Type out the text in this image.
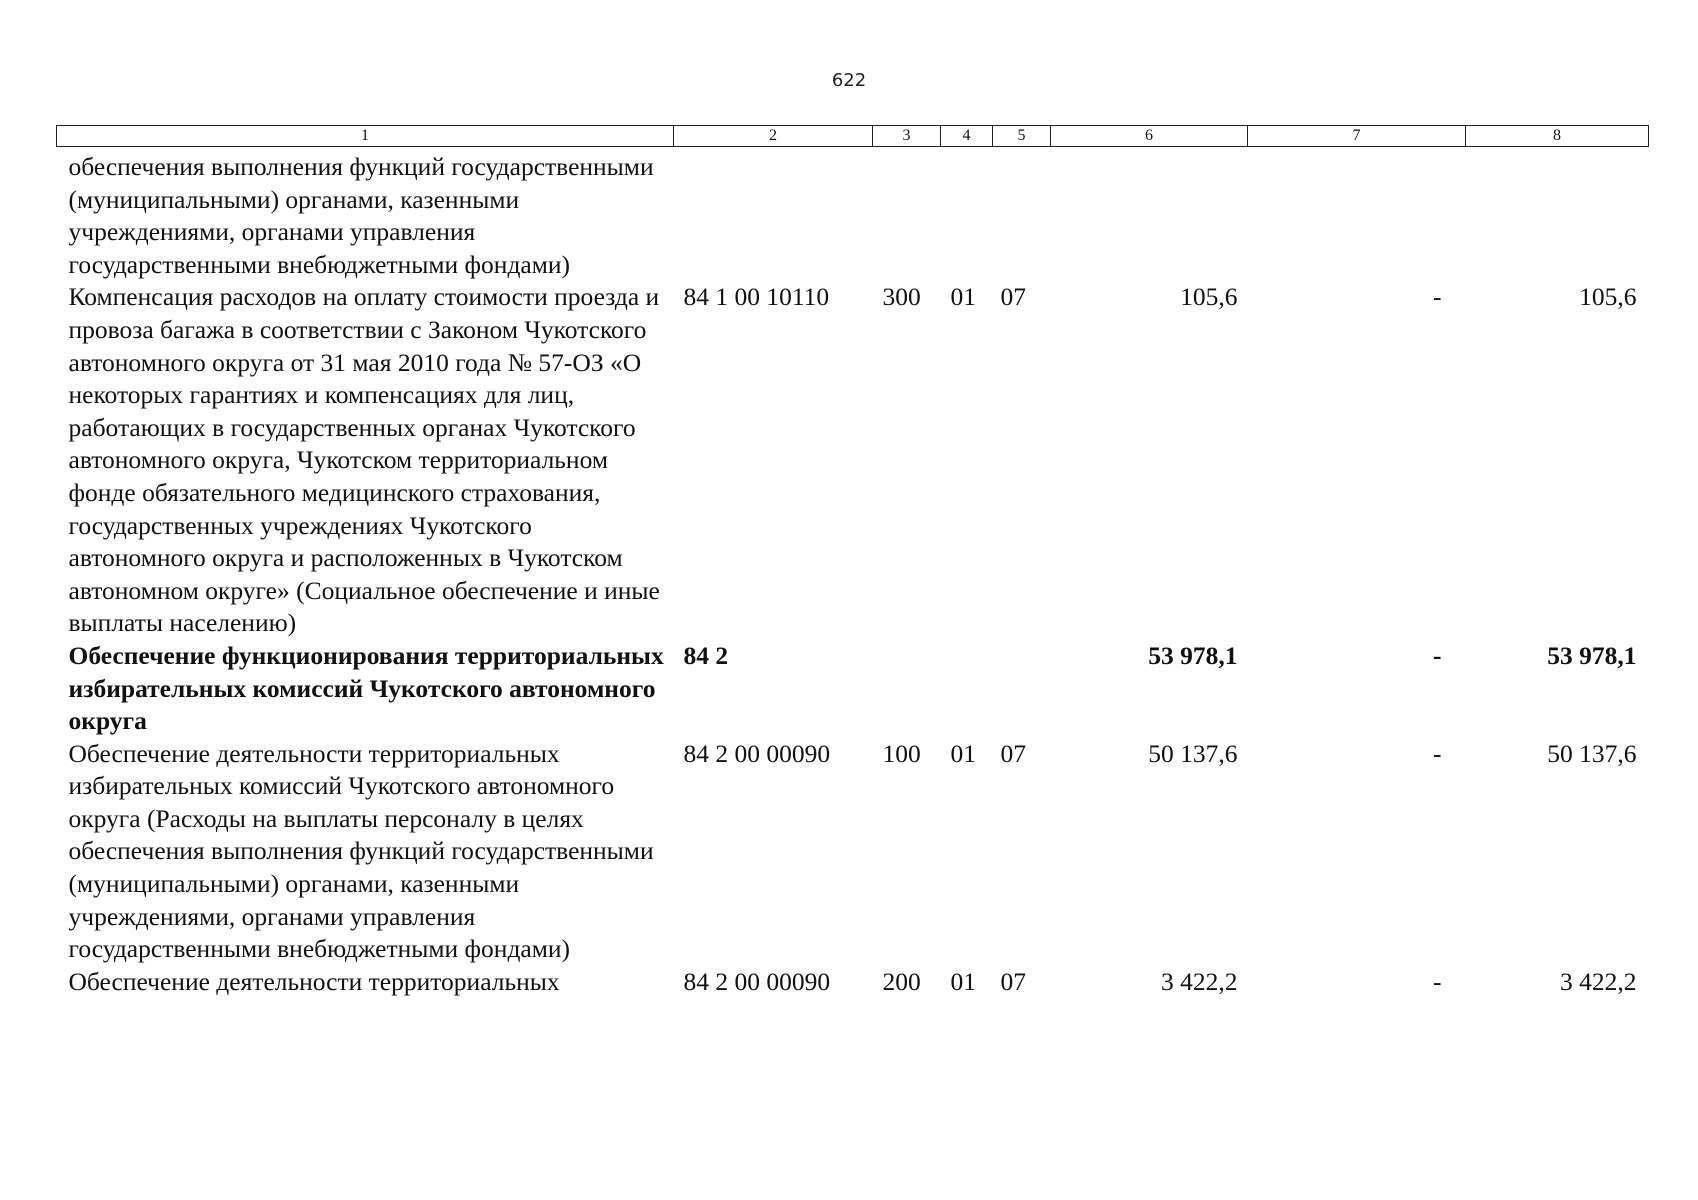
622
1	2	3	4	5	6	7	8
обеспечения выполнения функций государственными (муниципальными) органами, казенными учреждениями, органами управления государственными внебюджетными фондами)							
Компенсация расходов на оплату стоимости проезда и провоза багажа в соответствии с Законом Чукотского автономного округа от 31 мая 2010 года № 57-ОЗ «О некоторых гарантиях и компенсациях для лиц, работающих в государственных органах Чукотского автономного округа, Чукотском территориальном фонде обязательного медицинского страхования, государственных учреждениях Чукотского автономного округа и расположенных в Чукотском автономном округе» (Социальное обеспечение и иные выплаты населению)	84 1 00 10110	300	01	07	105,6	-	105,6
Обеспечение функционирования территориальных избирательных комиссий Чукотского автономного округа	84 2				53 978,1	-	53 978,1
Обеспечение деятельности территориальных избирательных комиссий Чукотского автономного округа (Расходы на выплаты персоналу в целях обеспечения выполнения функций государственными (муниципальными) органами, казенными учреждениями, органами управления государственными внебюджетными фондами)	84 2 00 00090	100	01	07	50 137,6	-	50 137,6
Обеспечение деятельности территориальных	84 2 00 00090	200	01	07	3 422,2	-	3 422,2
